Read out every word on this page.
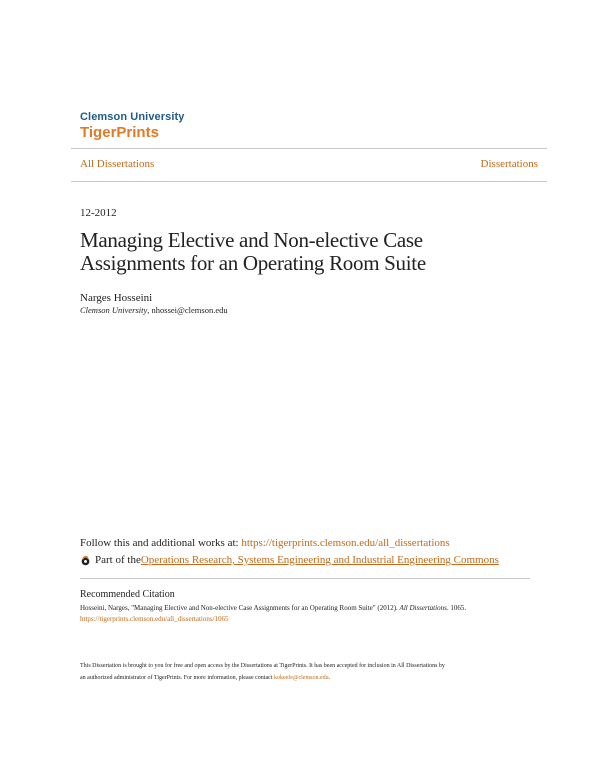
Clemson University
TigerPrints
All Dissertations	Dissertations
12-2012
Managing Elective and Non-elective Case Assignments for an Operating Room Suite
Narges Hosseini
Clemson University, nhossei@clemson.edu
Follow this and additional works at: https://tigerprints.clemson.edu/all_dissertations
Part of the Operations Research, Systems Engineering and Industrial Engineering Commons
Recommended Citation
Hosseini, Narges, "Managing Elective and Non-elective Case Assignments for an Operating Room Suite" (2012). All Dissertations. 1065.
https://tigerprints.clemson.edu/all_dissertations/1065
This Dissertation is brought to you for free and open access by the Dissertations at TigerPrints. It has been accepted for inclusion in All Dissertations by
an authorized administrator of TigerPrints. For more information, please contact kokeefe@clemson.edu.
